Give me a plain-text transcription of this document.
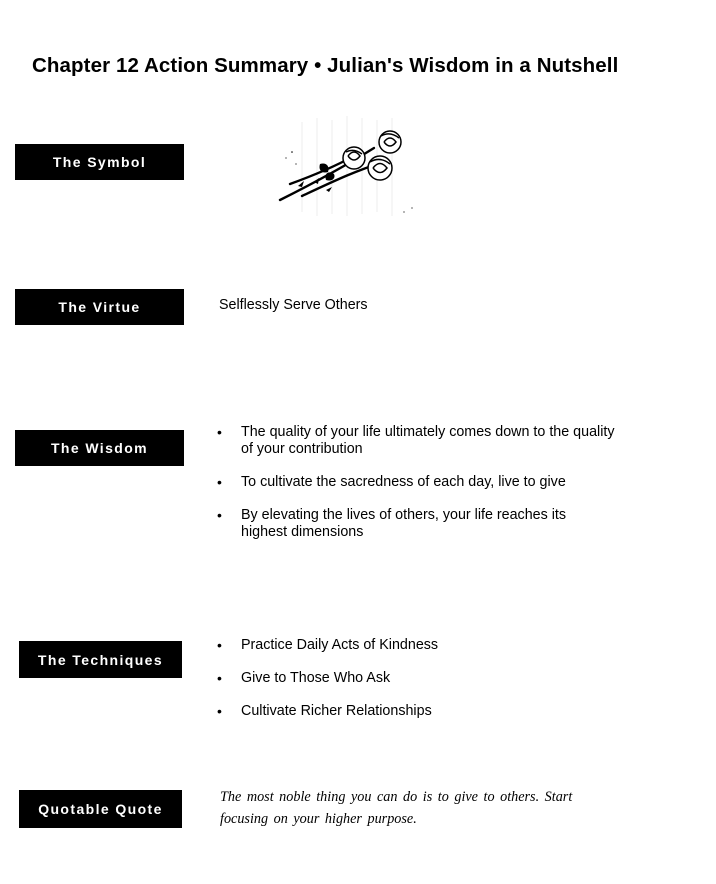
Chapter 12 Action Summary • Julian's Wisdom in a Nutshell
The Symbol
The Virtue	Selflessly Serve Others
The Wisdom
• The quality of your life ultimately comes down to the quality of your contribution
• To cultivate the sacredness of each day, live to give
• By elevating the lives of others, your life reaches its highest dimensions
The Techniques
• Practice Daily Acts of Kindness
• Give to Those Who Ask
• Cultivate Richer Relationships
Quotable Quote
The most noble thing you can do is to give to others. Start focusing on your higher purpose.
